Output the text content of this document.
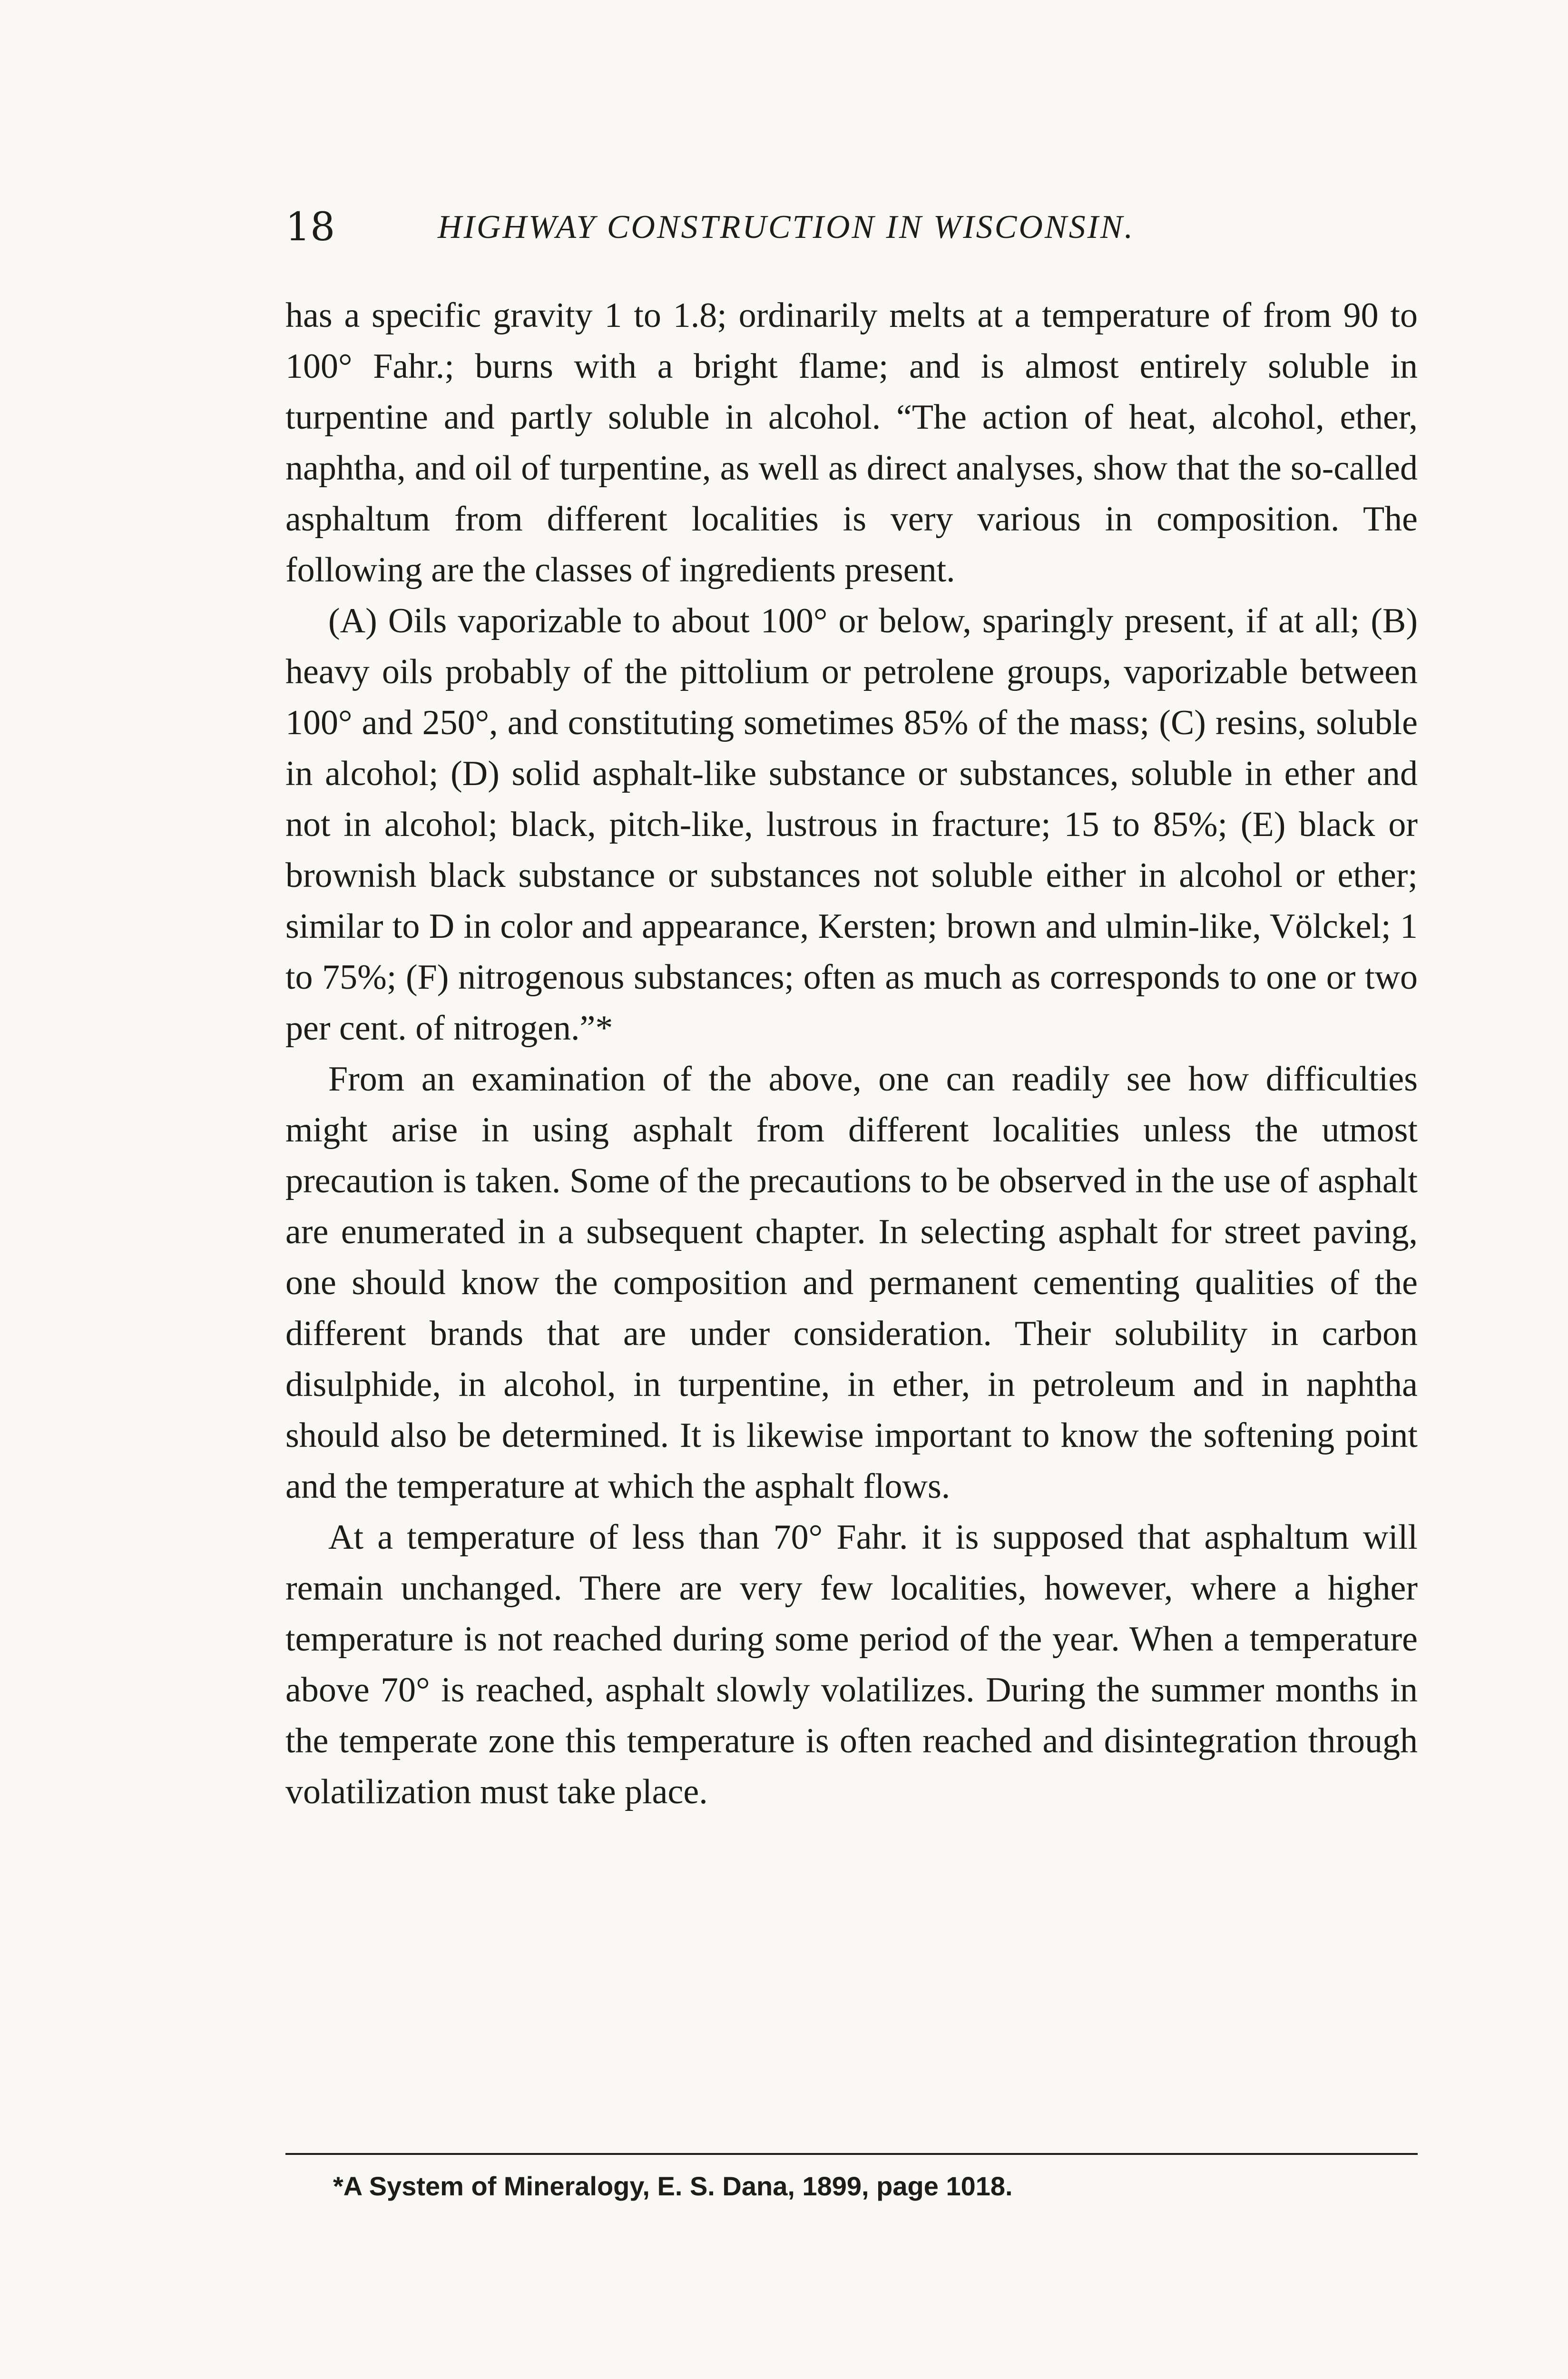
18	HIGHWAY CONSTRUCTION IN WISCONSIN.

has a specific gravity 1 to 1.8; ordinarily melts at a temperature of from 90 to 100° Fahr.; burns with a bright flame; and is almost entirely soluble in turpentine and partly soluble in alcohol. “The action of heat, alcohol, ether, naphtha, and oil of turpentine, as well as direct analyses, show that the so-called asphaltum from different localities is very various in composition. The following are the classes of ingredients present.

(A) Oils vaporizable to about 100° or below, sparingly present, if at all; (B) heavy oils probably of the pittolium or petrolene groups, vaporizable between 100° and 250°, and constituting sometimes 85% of the mass; (C) resins, soluble in alcohol; (D) solid asphalt-like substance or substances, soluble in ether and not in alcohol; black, pitch-like, lustrous in fracture; 15 to 85%; (E) black or brownish black substance or substances not soluble either in alcohol or ether; similar to D in color and appearance, Kersten; brown and ulmin-like, Völckel; 1 to 75%; (F) nitrogenous substances; often as much as corresponds to one or two per cent. of nitrogen.”*

From an examination of the above, one can readily see how difficulties might arise in using asphalt from different localities unless the utmost precaution is taken. Some of the precautions to be observed in the use of asphalt are enumerated in a subsequent chapter. In selecting asphalt for street paving, one should know the composition and permanent cementing qualities of the different brands that are under consideration. Their solubility in carbon disulphide, in alcohol, in turpentine, in ether, in petroleum and in naphtha should also be determined. It is likewise important to know the softening point and the temperature at which the asphalt flows.

At a temperature of less than 70° Fahr. it is supposed that asphaltum will remain unchanged. There are very few localities, however, where a higher temperature is not reached during some period of the year. When a temperature above 70° is reached, asphalt slowly volatilizes. During the summer months in the temperate zone this temperature is often reached and disintegration through volatilization must take place.

*A System of Mineralogy, E. S. Dana, 1899, page 1018.
